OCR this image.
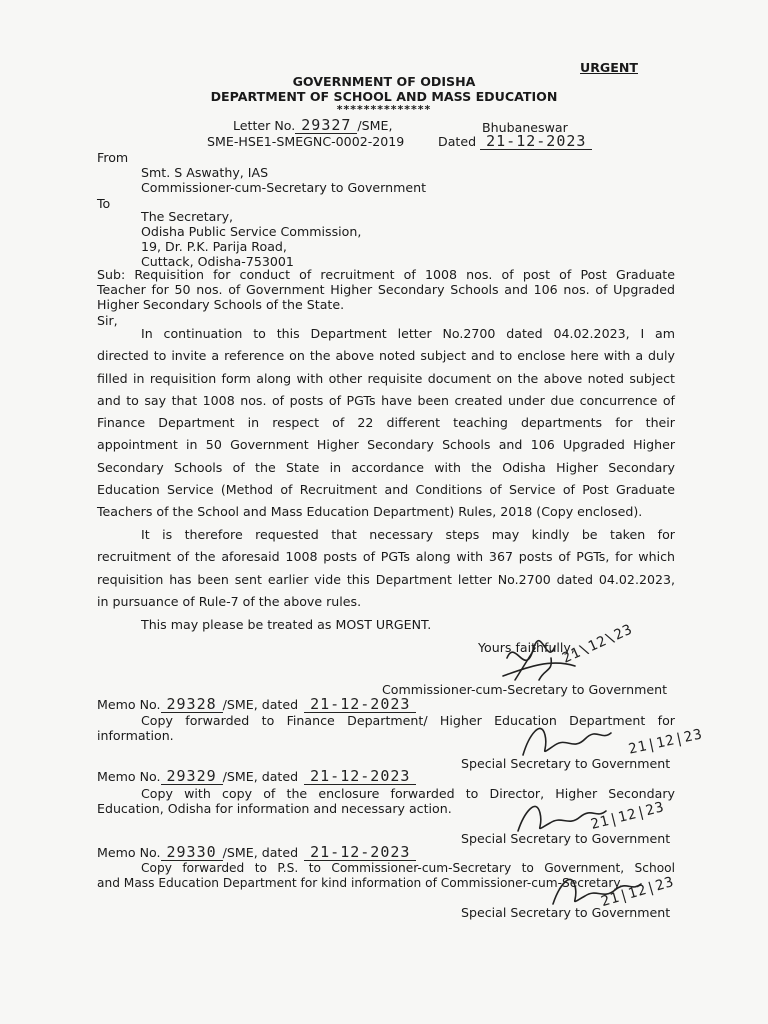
URGENT
GOVERNMENT OF ODISHA
DEPARTMENT OF SCHOOL AND MASS EDUCATION
**************
Letter No. 29327 /SME,	Bhubaneswar
SME-HSE1-SMEGNC-0002-2019	Dated 21-12-2023
From
Smt. S Aswathy, IAS
Commissioner-cum-Secretary to Government
To
The Secretary,
Odisha Public Service Commission,
19, Dr. P.K. Parija Road,
Cuttack, Odisha-753001
Sub: Requisition for conduct of recruitment of 1008 nos. of post of Post Graduate
Teacher for 50 nos. of Government Higher Secondary Schools and 106 nos. of Upgraded
Higher Secondary Schools of the State.
Sir,
In continuation to this Department letter No.2700 dated 04.02.2023, I am
directed to invite a reference on the above noted subject and to enclose here with a duly
filled in requisition form along with other requisite document on the above noted subject
and to say that 1008 nos. of posts of PGTs have been created under due concurrence of
Finance Department in respect of 22 different teaching departments for their
appointment in 50 Government Higher Secondary Schools and 106 Upgraded Higher
Secondary Schools of the State in accordance with the Odisha Higher Secondary
Education Service (Method of Recruitment and Conditions of Service of Post Graduate
Teachers of the School and Mass Education Department) Rules, 2018 (Copy enclosed).
It is therefore requested that necessary steps may kindly be taken for
recruitment of the aforesaid 1008 posts of PGTs along with 367 posts of PGTs, for which
requisition has been sent earlier vide this Department letter No.2700 dated 04.02.2023,
in pursuance of Rule-7 of the above rules.
This may please be treated as MOST URGENT.
Yours faithfully,
21\12\23
Commissioner-cum-Secretary to Government
Memo No. 29328 /SME, dated 21-12-2023
Copy forwarded to Finance Department/ Higher Education Department for
information.	21|12|23
Special Secretary to Government
Memo No. 29329 /SME, dated 21-12-2023
Copy with copy of the enclosure forwarded to Director, Higher Secondary
Education, Odisha for information and necessary action.	21|12|23
Special Secretary to Government
Memo No. 29330 /SME, dated 21-12-2023
Copy forwarded to P.S. to Commissioner-cum-Secretary to Government, School
and Mass Education Department for kind information of Commissioner-cum-Secretary.
21|12|23
Special Secretary to Government
